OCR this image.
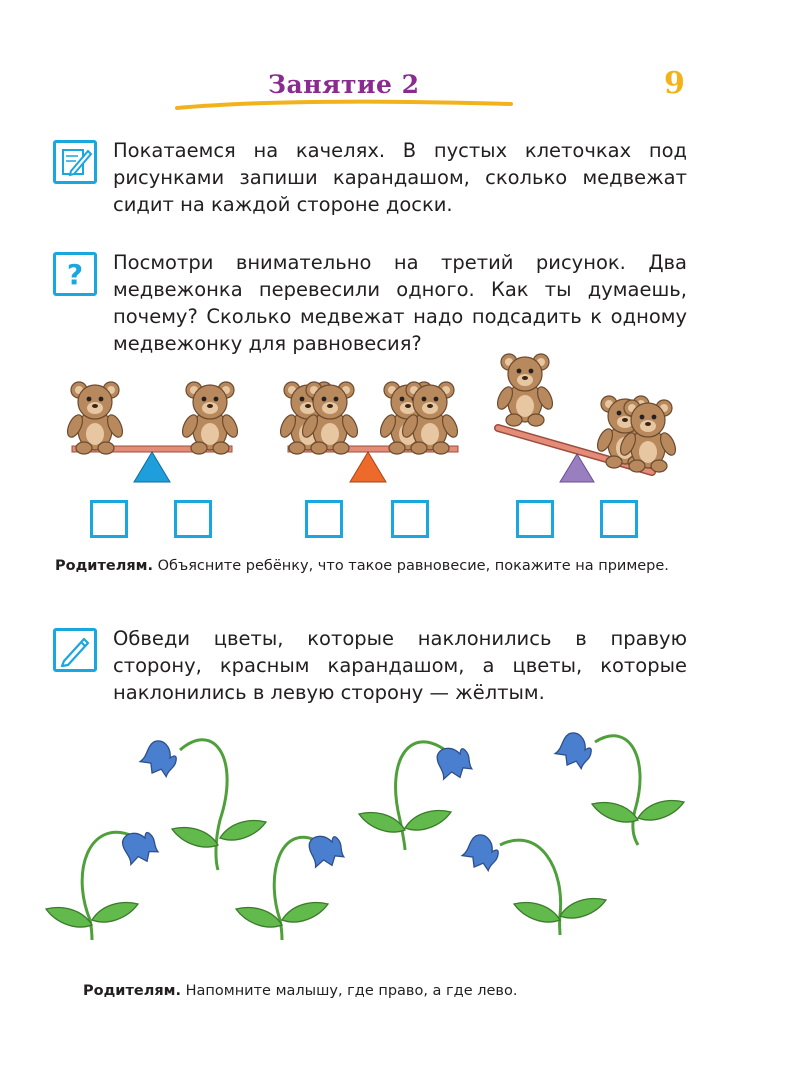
Занятие 2	9
Покатаемся на качелях. В пустых клеточках под рисунками запиши карандашом, сколько медвежат сидит на каждой стороне доски.
?	Посмотри внимательно на третий рисунок. Два медвежонка перевесили одного. Как ты думаешь, почему? Сколько медвежат надо подсадить к одному медвежонку для равновесия?
Родителям. Объясните ребёнку, что такое равновесие, покажите на примере.
Обведи цветы, которые наклонились в правую сторону, красным карандашом, а цветы, которые наклонились в левую сторону — жёлтым.
Родителям. Напомните малышу, где право, а где лево.
